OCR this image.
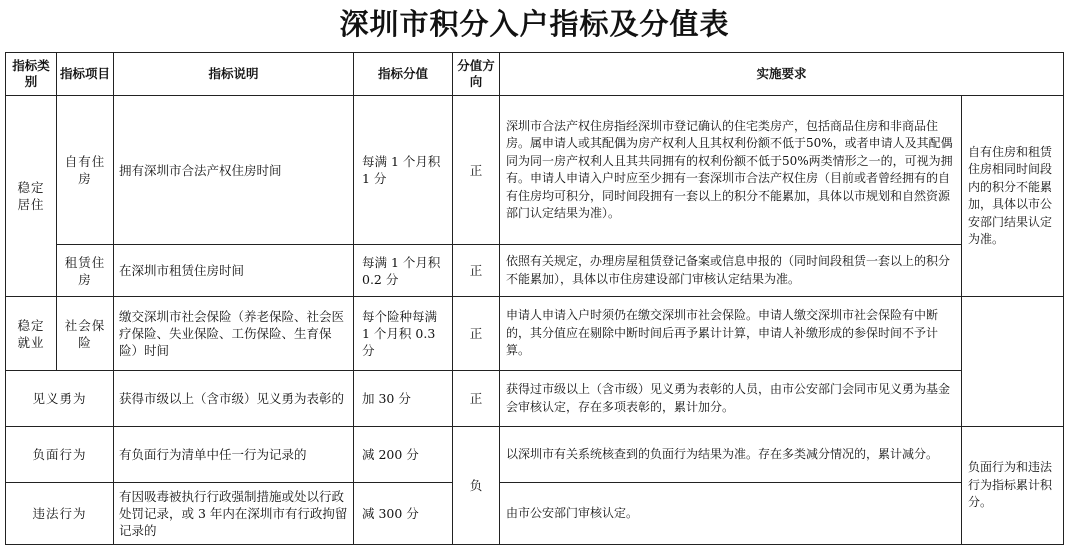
深圳市积分入户指标及分值表
指标类别	指标项目	指标说明	指标分值	分值方向	实施要求	
稳定居住	自有住房	拥有深圳市合法产权住房时间	每满 1 个月积 1 分	正	深圳市合法产权住房指经深圳市登记确认的住宅类房产，包括商品住房和非商品住房。属申请人或其配偶为房产权利人且其权利份额不低于50%，或者申请人及其配偶同为同一房产权利人且其共同拥有的权利份额不低于50%两类情形之一的，可视为拥有。申请人申请入户时应至少拥有一套深圳市合法产权住房（目前或者曾经拥有的自有住房均可积分，同时间段拥有一套以上的积分不能累加，具体以市规划和自然资源部门认定结果为准）。	自有住房和租赁住房相同时间段内的积分不能累加，具体以市公安部门结果认定为准。
	租赁住房	在深圳市租赁住房时间	每满 1 个月积 0.2 分	正	依照有关规定，办理房屋租赁登记备案或信息申报的（同时间段租赁一套以上的积分不能累加），具体以市住房建设部门审核认定结果为准。	
稳定就业	社会保险	缴交深圳市社会保险（养老保险、社会医疗保险、失业保险、工伤保险、生育保险）时间	每个险种每满 1 个月积 0.3 分	正	申请人申请入户时须仍在缴交深圳市社会保险。申请人缴交深圳市社会保险有中断的，其分值应在剔除中断时间后再予累计计算，申请人补缴形成的参保时间不予计算。	
见义勇为		获得市级以上（含市级）见义勇为表彰的	加 30 分	正	获得过市级以上（含市级）见义勇为表彰的人员，由市公安部门会同市见义勇为基金会审核认定，存在多项表彰的，累计加分。	
负面行为		有负面行为清单中任一行为记录的	减 200 分	负	以深圳市有关系统核查到的负面行为结果为准。存在多类减分情况的，累计减分。	负面行为和违法行为指标累计积分。
违法行为		有因吸毒被执行行政强制措施或处以行政处罚记录，或 3 年内在深圳市有行政拘留记录的	减 300 分		由市公安部门审核认定。	
